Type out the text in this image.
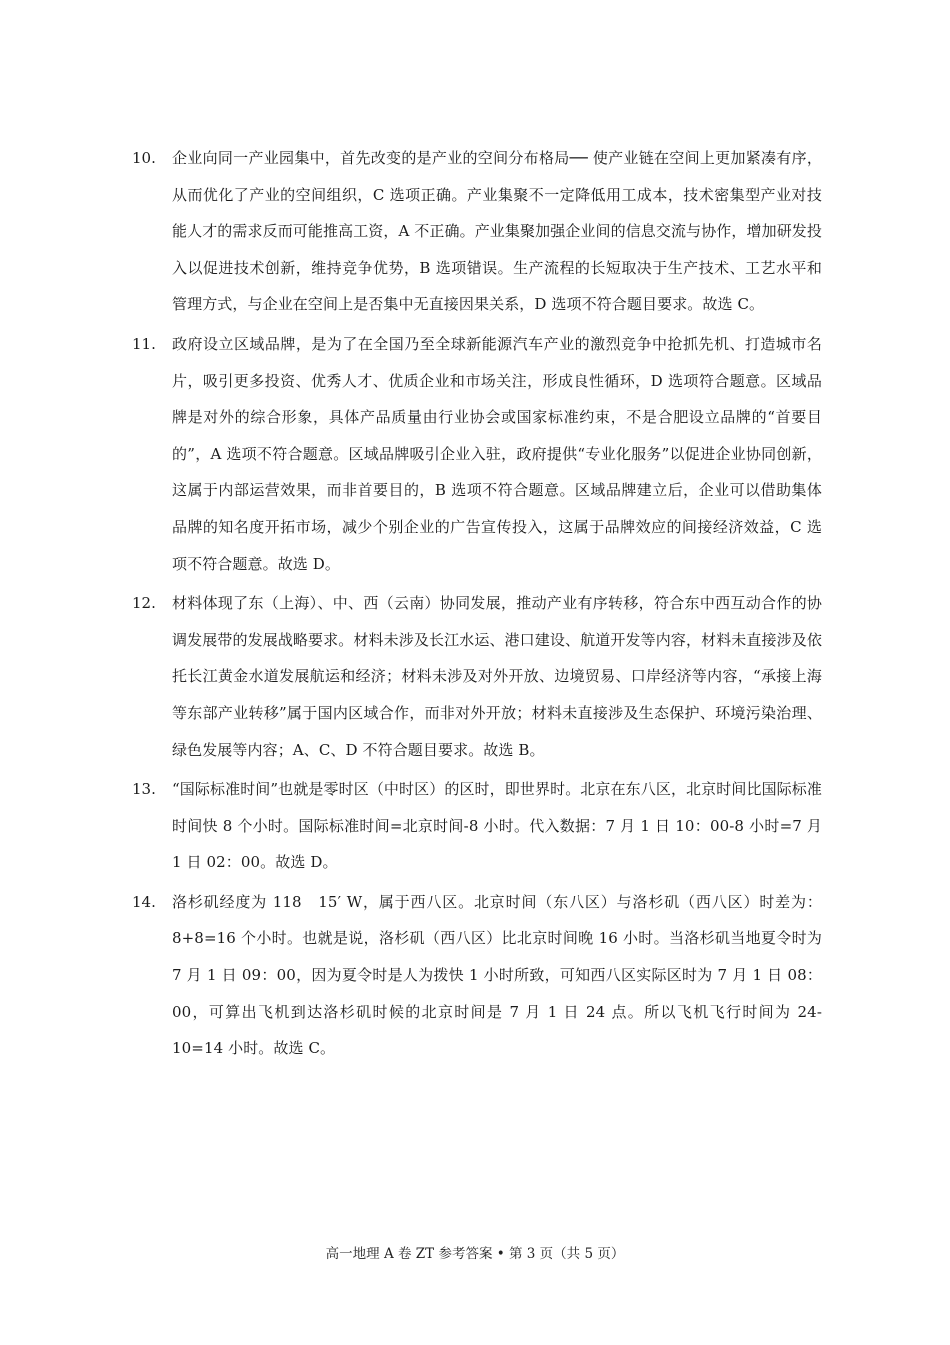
10.	企业向同一产业园集中，首先改变的是产业的空间分布格局── 使产业链在空间上更加紧凑有序，从而优化了产业的空间组织，C 选项正确。产业集聚不一定降低用工成本，技术密集型产业对技能人才的需求反而可能推高工资，A 不正确。产业集聚加强企业间的信息交流与协作，增加研发投入以促进技术创新，维持竞争优势，B 选项错误。生产流程的长短取决于生产技术、工艺水平和管理方式，与企业在空间上是否集中无直接因果关系，D 选项不符合题目要求。故选 C。
11.	政府设立区域品牌，是为了在全国乃至全球新能源汽车产业的激烈竞争中抢抓先机、打造城市名片，吸引更多投资、优秀人才、优质企业和市场关注，形成良性循环，D 选项符合题意。区域品牌是对外的综合形象，具体产品质量由行业协会或国家标准约束，不是合肥设立品牌的“首要目的”，A 选项不符合题意。区域品牌吸引企业入驻，政府提供“专业化服务”以促进企业协同创新，这属于内部运营效果，而非首要目的，B 选项不符合题意。区域品牌建立后，企业可以借助集体品牌的知名度开拓市场，减少个别企业的广告宣传投入，这属于品牌效应的间接经济效益，C 选项不符合题意。故选 D。
12.	材料体现了东（上海）、中、西（云南）协同发展，推动产业有序转移，符合东中西互动合作的协调发展带的发展战略要求。材料未涉及长江水运、港口建设、航道开发等内容，材料未直接涉及依托长江黄金水道发展航运和经济；材料未涉及对外开放、边境贸易、口岸经济等内容，“承接上海等东部产业转移”属于国内区域合作，而非对外开放；材料未直接涉及生态保护、环境污染治理、绿色发展等内容；A、C、D 不符合题目要求。故选 B。
13.	“国际标准时间”也就是零时区（中时区）的区时，即世界时。北京在东八区，北京时间比国际标准时间快 8 个小时。国际标准时间=北京时间-8 小时。代入数据：7 月 1 日 10：00-8 小时=7 月 1 日 02：00。故选 D。
14.	洛杉矶经度为 118　15′ W，属于西八区。北京时间（东八区）与洛杉矶（西八区）时差为：8+8=16 个小时。也就是说，洛杉矶（西八区）比北京时间晚 16 小时。当洛杉矶当地夏令时为 7 月 1 日 09：00，因为夏令时是人为拨快 1 小时所致，可知西八区实际区时为 7 月 1 日 08：00，可算出飞机到达洛杉矶时候的北京时间是 7 月 1 日 24 点。所以飞机飞行时间为 24-10=14 小时。故选 C。
高一地理 A 卷 ZT 参考答案 • 第 3 页（共 5 页）
